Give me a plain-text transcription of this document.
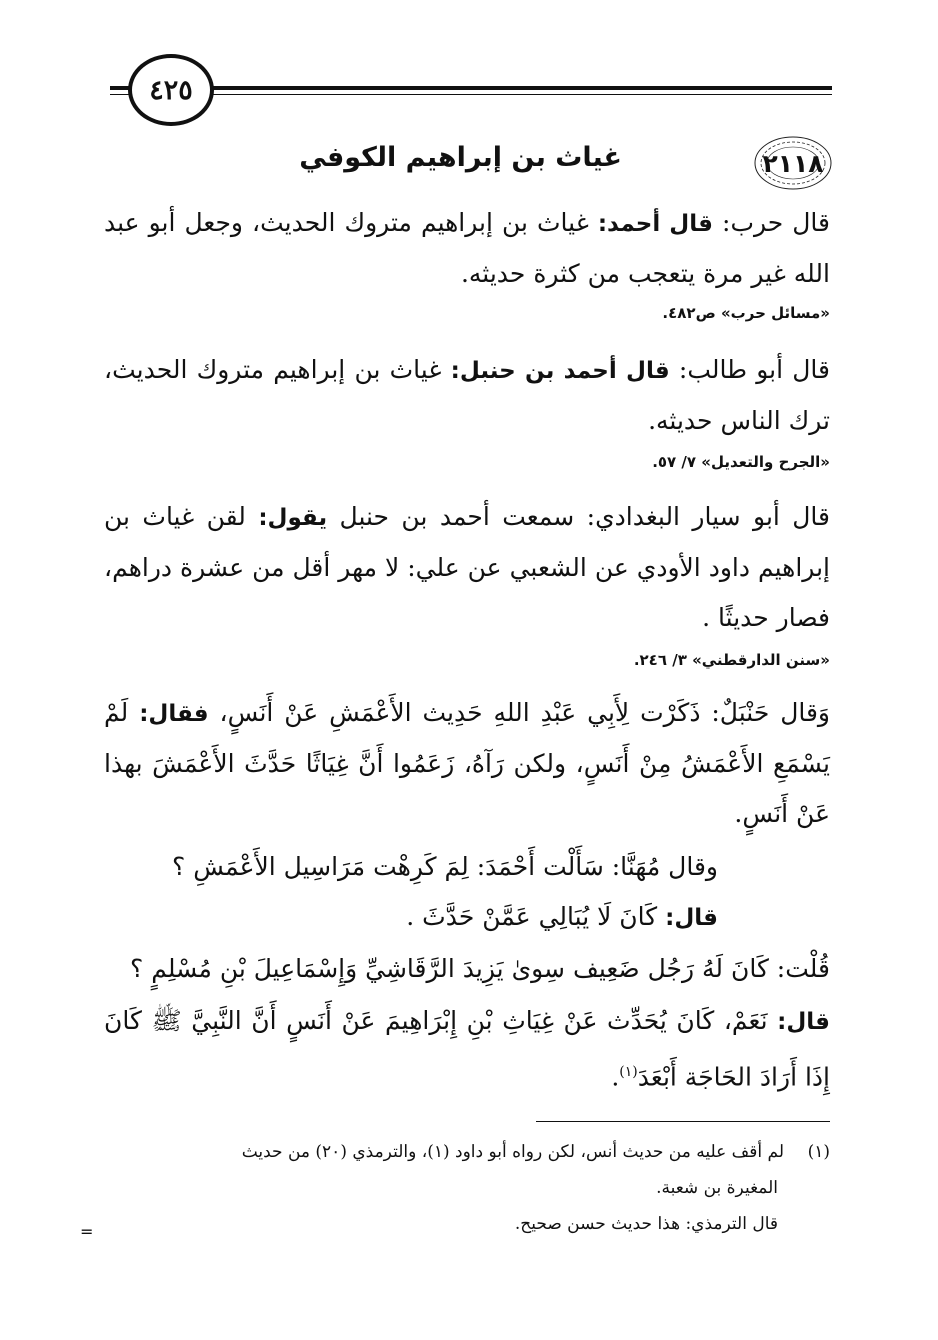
٤٢٥
٢١١٨
غياث بن إبراهيم الكوفي

قال حرب: قال أحمد: غياث بن إبراهيم متروك الحديث، وجعل أبو عبد الله غير مرة يتعجب من كثرة حديثه.

«مسائل حرب» ص٤٨٢.

قال أبو طالب: قال أحمد بن حنبل: غياث بن إبراهيم متروك الحديث، ترك الناس حديثه.

«الجرح والتعديل» ٧/ ٥٧.

قال أبو سيار البغدادي: سمعت أحمد بن حنبل يقول: لقن غياث بن إبراهيم داود الأودي عن الشعبي عن علي: لا مهر أقل من عشرة دراهم، فصار حديثًا .

«سنن الدارقطني» ٣/ ٢٤٦.

وَقال حَنْبَلٌ: ذَكَرْت لِأَبِي عَبْدِ اللهِ حَدِيث الأَعْمَشِ عَنْ أَنَسٍ، فقال: لَمْ يَسْمَعِ الأَعْمَشُ مِنْ أَنَسٍ، ولكن رَآهُ، زَعَمُوا أَنَّ غِيَاثًا حَدَّثَ الأَعْمَشَ بهذا عَنْ أَنَسٍ.

وقال مُهَنَّا: سَأَلْت أَحْمَدَ: لِمَ كَرِهْت مَرَاسِيل الأَعْمَشِ ؟

قال: كَانَ لَا يُبَالِي عَمَّنْ حَدَّثَ .

قُلْت: كَانَ لَهُ رَجُل ضَعِيف سِوىٰ يَزِيدَ الرَّقَاشِيِّ وَإِسْمَاعِيلَ بْنِ مُسْلِمٍ ؟

قال: نَعَمْ، كَانَ يُحَدِّث عَنْ غِيَاثِ بْنِ إِبْرَاهِيمَ عَنْ أَنَسٍ أَنَّ النَّبِيَّ ﷺ كَانَ إِذَا أَرَادَ الحَاجَة أَبْعَدَ$^{(١)}$.

(١)لم أقف عليه من حديث أنس، لكن رواه أبو داود (١)، والترمذي (٢٠) من حديث

المغيرة بن شعبة.

قال الترمذي: هذا حديث حسن صحيح.

=
